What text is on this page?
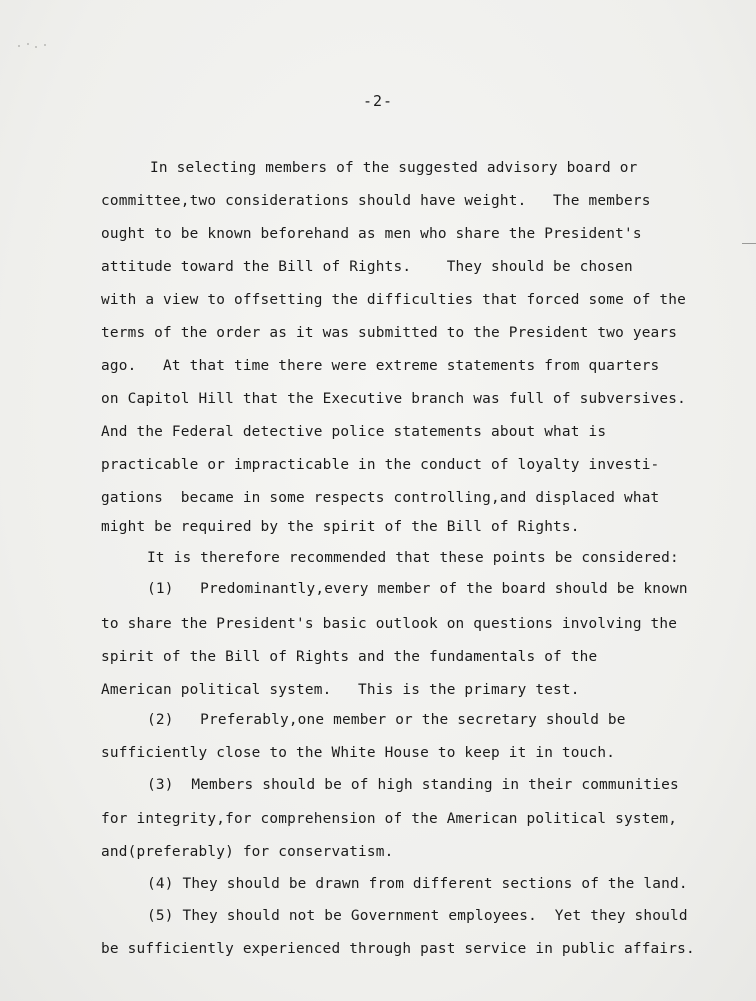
-2-
In selecting members of the suggested advisory board or
committee,two considerations should have weight.   The members
ought to be known beforehand as men who share the President's
attitude toward the Bill of Rights.    They should be chosen
with a view to offsetting the difficulties that forced some of the
terms of the order as it was submitted to the President two years
ago.   At that time there were extreme statements from quarters
on Capitol Hill that the Executive branch was full of subversives.
And the Federal detective police statements about what is
practicable or impracticable in the conduct of loyalty investi-
gations  became in some respects controlling,and displaced what
might be required by the spirit of the Bill of Rights.
It is therefore recommended that these points be considered:
(1)   Predominantly,every member of the board should be known
to share the President's basic outlook on questions involving the
spirit of the Bill of Rights and the fundamentals of the
American political system.   This is the primary test.
(2)   Preferably,one member or the secretary should be
sufficiently close to the White House to keep it in touch.
(3)  Members should be of high standing in their communities
for integrity,for comprehension of the American political system,
and(preferably) for conservatism.
(4) They should be drawn from different sections of the land.
(5) They should not be Government employees.  Yet they should
be sufficiently experienced through past service in public affairs.
